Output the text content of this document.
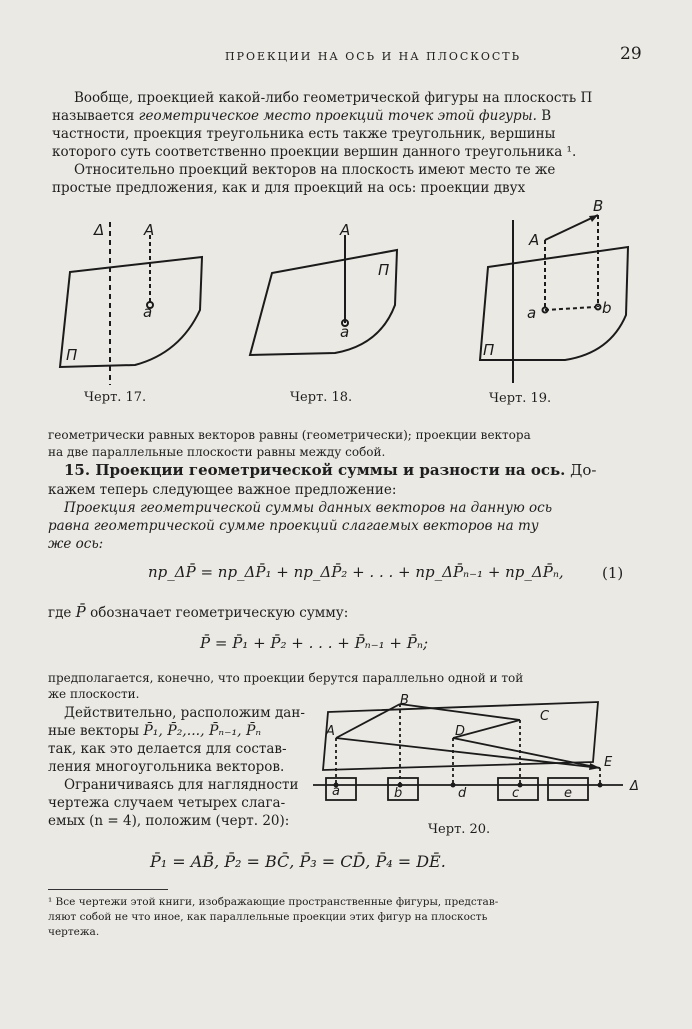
ПРОЕКЦИИ НА ОСЬ И НА ПЛОСКОСТЬ	29
Вообще, проекцией какой-либо геометрической фигуры на плоскость П
называется геометрическое место проекций точек этой фигуры. В
частности, проекция треугольника есть также треугольник, вершины
которого суть соответственно проекции вершин данного треугольника ¹.
Относительно проекций векторов на плоскость имеют место те же
простые предложения, как и для проекций на ось: проекции двух
Δ	A
a
П
A
П
a
B
A
a	b
П
Черт. 17.	Черт. 18.	Черт. 19.
геометрически равных векторов равны (геометрически); проекции вектора
на две параллельные плоскости равны между собой.
15. Проекции геометрической суммы и разности на ось. До-
кажем теперь следующее важное предложение:
Проекция геометрической суммы данных векторов на данную ось
равна геометрической сумме проекций слагаемых векторов на ту
же ось:
пр_ΔP̄ = пр_ΔP̄₁ + пр_ΔP̄₂ + . . . + пр_ΔP̄ₙ₋₁ + пр_ΔP̄ₙ,	(1)
где P̄ обозначает геометрическую сумму:
P̄ = P̄₁ + P̄₂ + . . . + P̄ₙ₋₁ + P̄ₙ;
предполагается, конечно, что проекции берутся параллельно одной и той
же плоскости.
Действительно, расположим дан-
ные векторы P̄₁, P̄₂,..., P̄ₙ₋₁, P̄ₙ
так, как это делается для состав-
ления многоугольника векторов.
Ограничиваясь для наглядности
чертежа случаем четырех слага-
емых (n = 4), положим (черт. 20):
A
B
C
D
E
a	b	d	c	e	Δ
Черт. 20.
P̄₁ = AB̄, P̄₂ = BC̄, P̄₃ = CD̄, P̄₄ = DĒ.
¹ Все чертежи этой книги, изображающие пространственные фигуры, представ-
ляют собой не что иное, как параллельные проекции этих фигур на плоскость
чертежа.
